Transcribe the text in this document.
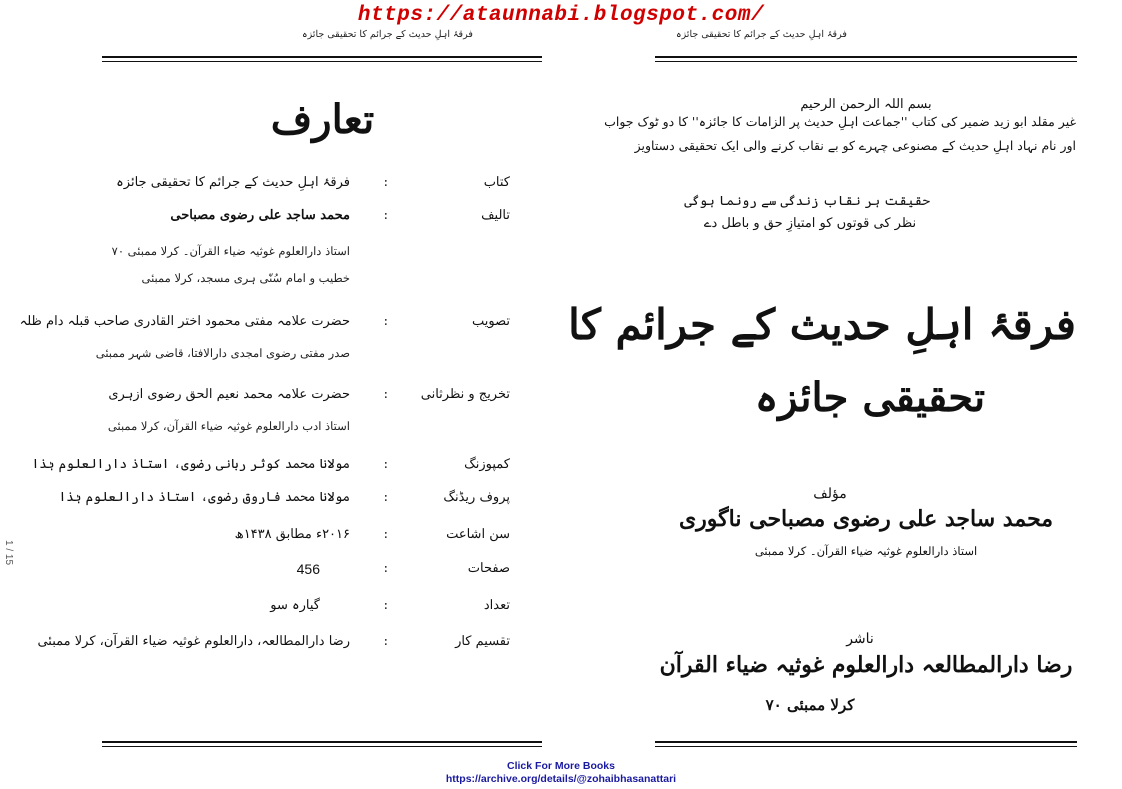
https://ataunnabi.blogspot.com/
فرقۂ اہلِ حدیث کے جرائم کا تحقیقی جائزہ	فرقۂ اہلِ حدیث کے جرائم کا تحقیقی جائزہ
1 / 15
تعارف
کتاب
:
فرقۂ اہلِ حدیث کے جرائم کا تحقیقی جائزہ
تالیف
:
محمد ساجد علی رضوی مصباحی
استاذ دارالعلوم غوثیہ ضیاء القرآن۔ کرلا ممبئی ۷۰
خطیب و امام سُنّی ہری مسجد، کرلا ممبئی
تصویب
:
حضرت علامہ مفتی محمود اختر القادری صاحب قبلہ دام ظلہ
صدر مفتی رضوی امجدی دارالافتا، قاضی شہر ممبئی
تخریج و نظرثانی
:
حضرت علامہ محمد نعیم الحق رضوی ازہری
استاذ ادب دارالعلوم غوثیہ ضیاء القرآن، کرلا ممبئی
کمپوزنگ
:
مولانا محمد کوثر ربانی رضوی، استاذ دارالعلوم ہٰذا
پروف ریڈنگ
:
مولانا محمد فاروق رضوی، استاذ دارالعلوم ہٰذا
سن اشاعت
:
۲۰۱۶ء مطابق ۱۴۳۸ھ
صفحات
:
456
تعداد
:
گیارہ سو
تقسیم کار
:
رضا دارالمطالعہ، دارالعلوم غوثیہ ضیاء القرآن، کرلا ممبئی
بسم اللہ الرحمن الرحیم
غیر مقلد ابو زید ضمیر کی کتاب ''جماعت اہلِ حدیث پر الزامات کا جائزہ'' کا دو ٹوک جواب
اور نام نہاد اہلِ حدیث کے مصنوعی چہرے کو بے نقاب کرنے والی ایک تحقیقی دستاویز
حقیقت ہر نقاب زندگی سے رونما ہوگی
نظر کی قوتوں کو امتیازِ حق و باطل دے
فرقۂ اہلِ حدیث کے جرائم کا
تحقیقی جائزہ
مؤلف
محمد ساجد علی رضوی مصباحی ناگوری
استاذ دارالعلوم غوثیہ ضیاء القرآن۔ کرلا ممبئی
ناشر
رضا دارالمطالعہ دارالعلوم غوثیہ ضیاء القرآن
کرلا ممبئی ۷۰
Click For More Books
https://archive.org/details/@zohaibhasanattari
